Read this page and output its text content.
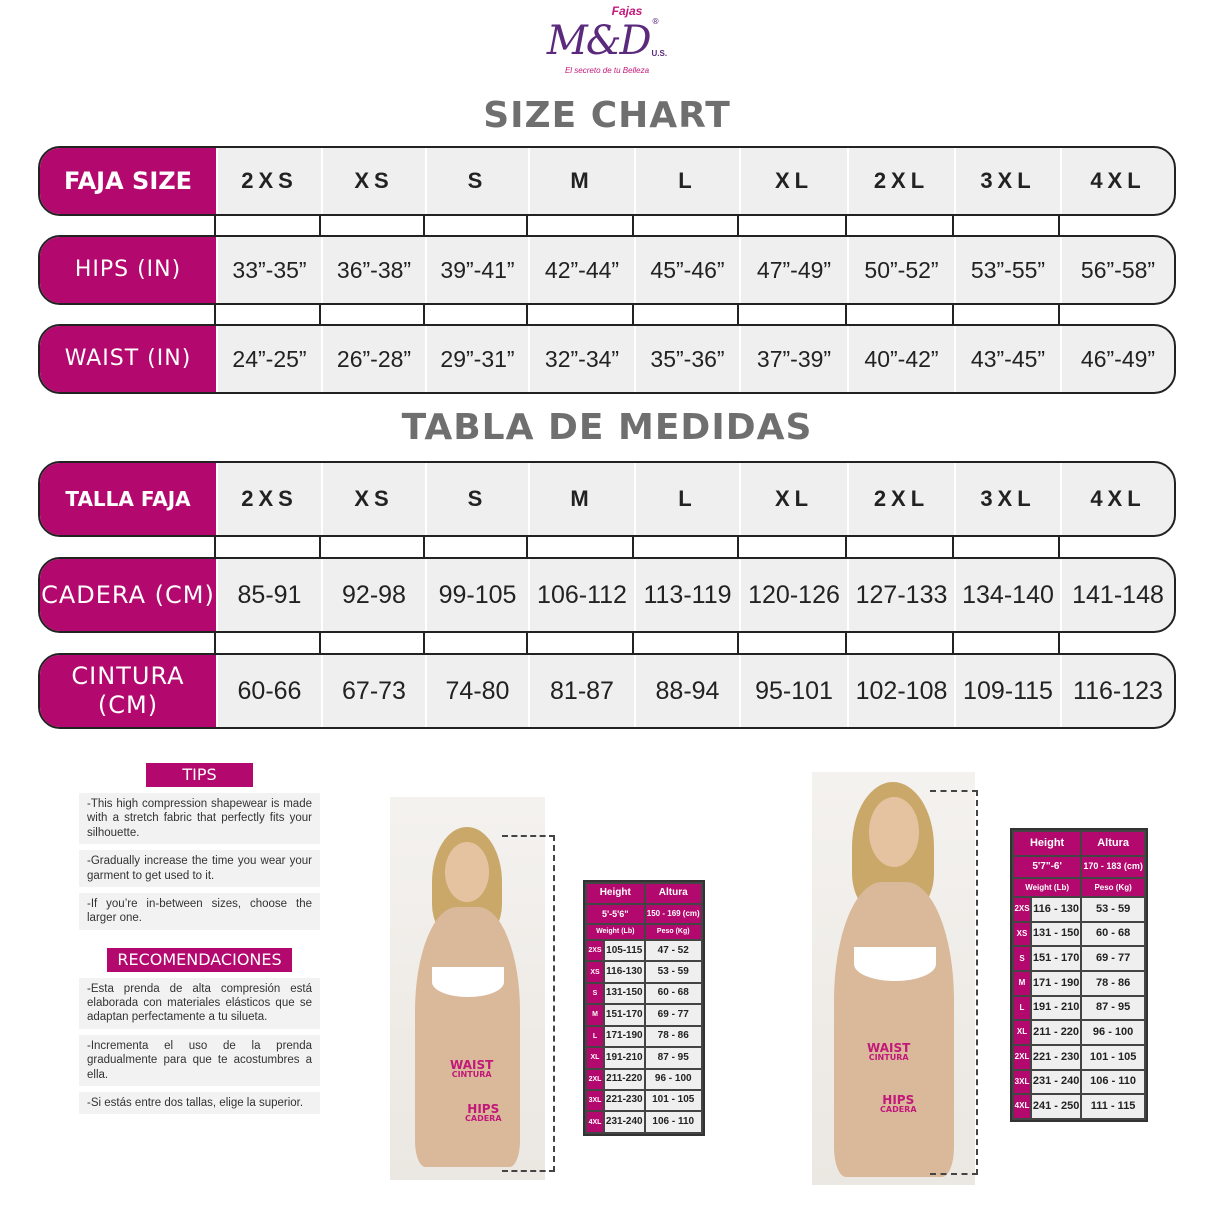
Fajas
M&D ®
U.S.
El secreto de tu Belleza
SIZE CHART
FAJA SIZE	2XS	XS	S	M	L	XL	2XL	3XL	4XL
HIPS (IN)	33”-35”	36”-38”	39”-41”	42”-44”	45”-46”	47”-49”	50”-52”	53”-55”	56”-58”
WAIST (IN)	24”-25”	26”-28”	29”-31”	32”-34”	35”-36”	37”-39”	40”-42”	43”-45”	46”-49”
TABLA DE MEDIDAS
TALLA FAJA	2XS	XS	S	M	L	XL	2XL	3XL	4XL
CADERA (CM) 85-91	92-98	99-105 106-112 113-119 120-126 127-133 134-140 141-148
CINTURA (CM)
60-66	67-73	74-80	81-87	88-94	95-101 102-108 109-115 116-123
TIPS
-This high compression shapewear is made with a stretch fabric that perfectly fits your silhouette.
-Gradually increase the time you wear your garment to get used to it.
-If you’re in-between sizes, choose the larger one.
RECOMENDACIONES
-Esta prenda de alta compresión está elaborada con materiales elásticos que se adaptan perfectamente a tu silueta.
-Incrementa el uso de la prenda gradualmente para que te acostumbres a ella.
-Si estás entre dos tallas, elige la superior.
WAIST
CINTURA
HIPS
CADERA
WAIST
CINTURA
HIPS
CADERA
Height		Altura
5'-5'6"		150 - 169 (cm)
Weight (Lb)		Peso (Kg)
2XS	105-115	47 - 52
XS	116-130	53 - 59
S	131-150	60 - 68
M	151-170	69 - 77
L	171-190	78 - 86
XL	191-210	87 - 95
2XL	211-220	96 - 100
3XL	221-230	101 - 105
4XL	231-240	106 - 110
Height		Altura
5'7"-6'		170 - 183 (cm)
Weight (Lb)		Peso (Kg)
2XS	116 - 130	53 - 59
XS	131 - 150	60 - 68
S	151 - 170	69 - 77
M	171 - 190	78 - 86
L	191 - 210	87 - 95
XL	211 - 220	96 - 100
2XL	221 - 230	101 - 105
3XL	231 - 240	106 - 110
4XL	241 - 250	111 - 115
